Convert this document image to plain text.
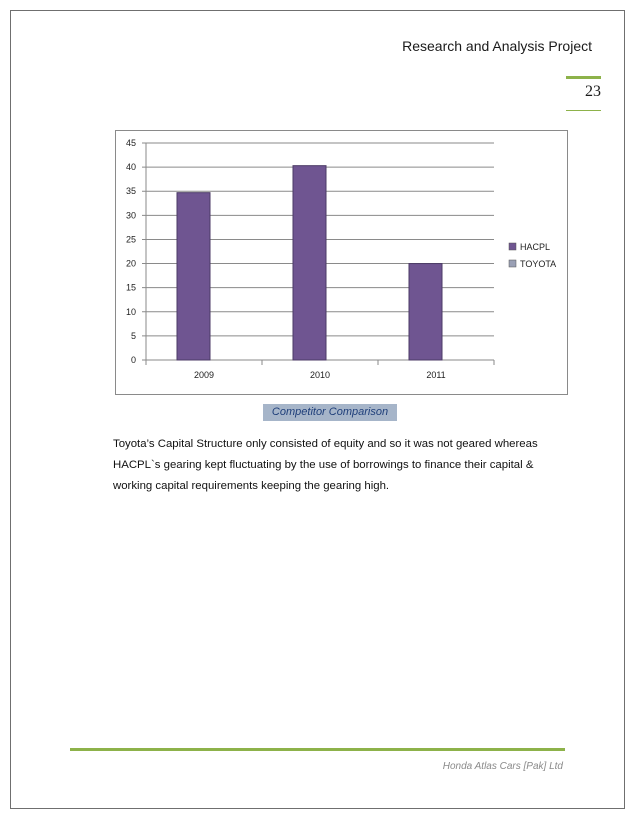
Research and Analysis Project
23
0
5
10
15
20
25
30
35
40
45
2009	2010	2011
HACPL
TOYOTA
Competitor Comparison
Toyota’s Capital Structure only consisted of equity and so it was not geared whereas
HACPL`s gearing kept fluctuating by the use of borrowings to finance their capital &
working capital requirements keeping the gearing high.
Honda Atlas Cars [Pak] Ltd
